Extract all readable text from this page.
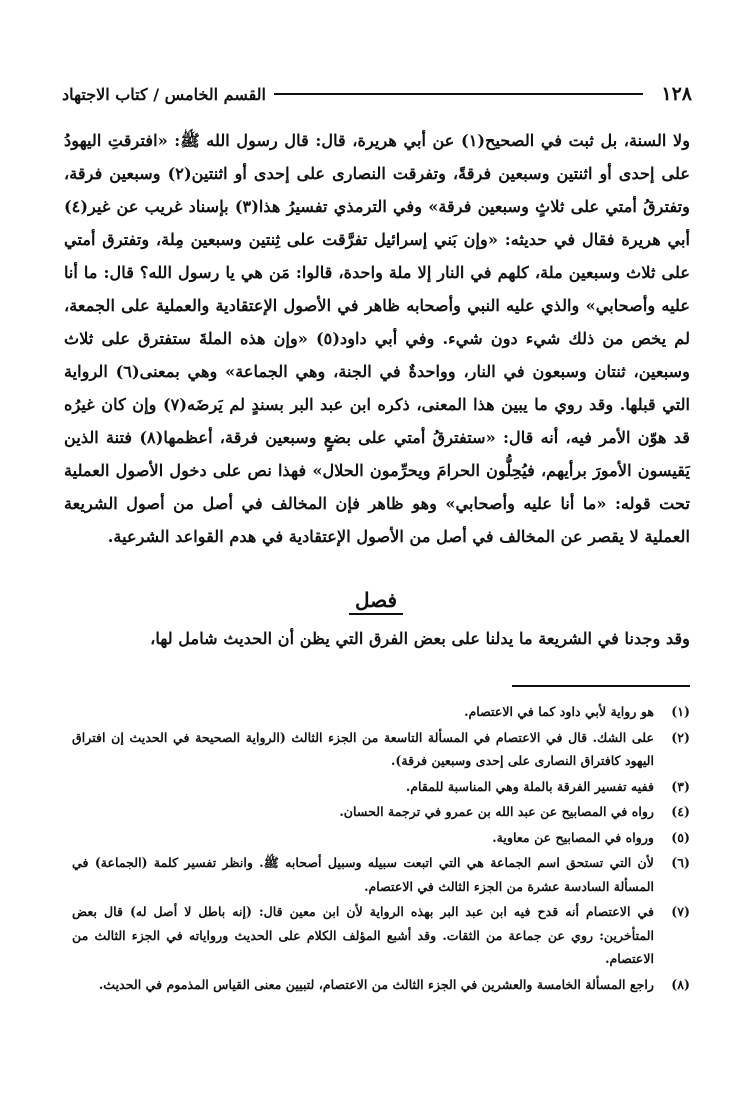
١٢٨
القسم الخامس / كتاب الاجتهاد

ولا السنة، بل ثبت في الصحيح(١) عن أبي هريرة، قال: قال رسول الله ﷺ: «افترقتِ اليهودُ على إحدى أو اثنتين وسبعين فرقةً، وتفرقت النصارى على إحدى أو اثنتين(٢) وسبعين فرقة، وتفترقُ أمتي على ثلاثٍ وسبعين فرقة» وفي الترمذي تفسيرُ هذا(٣) بإسناد غريب عن غير(٤) أبي هريرة فقال في حديثه: «وإن بَني إسرائيل تفرَّقت على ثِنتين وسبعين مِلة، وتفترق أمتي على ثلاث وسبعين ملة، كلهم في النار إلا ملة واحدة، قالوا: مَن هي يا رسول الله؟ قال: ما أنا عليه وأصحابي» والذي عليه النبي وأصحابه ظاهر في الأصول الإعتقادية والعملية على الجمعة، لم يخص من ذلك شيء دون شيء. وفي أبي داود(٥) «وإن هذه الملةَ ستفترق على ثلاث وسبعين، ثنتان وسبعون في النار، وواحدةٌ في الجنة، وهي الجماعة» وهي بمعنى(٦) الرواية التي قبلها. وقد روي ما يبين هذا المعنى، ذكره ابن عبد البر بسندٍ لم يَرضَه(٧) وإن كان غيرُه قد هوّن الأمر فيه، أنه قال: «ستفترقُ أمتي على بضعٍ وسبعين فرقة، أعظمها(٨) فتنة الذين يَقيسون الأمورَ برأيهم، فيُحِلُّون الحرامَ ويحرِّمون الحلال» فهذا نص على دخول الأصول العملية تحت قوله: «ما أنا عليه وأصحابي» وهو ظاهر فإن المخالف في أصل من أصول الشريعة العملية لا يقصر عن المخالف في أصل من الأصول الإعتقادية في هدم القواعد الشرعية.

فصل
وقد وجدنا في الشريعة ما يدلنا على بعض الفرق التي يظن أن الحديث شامل لها،
(١)
هو رواية لأبي داود كما في الاعتصام.
(٢)
على الشك. قال في الاعتصام في المسألة التاسعة من الجزء الثالث (الرواية الصحيحة في الحديث إن افتراق اليهود كافتراق النصارى على إحدى وسبعين فرقة).
(٣)
ففيه تفسير الفرقة بالملة وهي المناسبة للمقام.
(٤)
رواه في المصابيح عن عبد الله بن عمرو في ترجمة الحسان.
(٥)
ورواه في المصابيح عن معاوية.
(٦)
لأن التي تستحق اسم الجماعة هي التي اتبعت سبيله وسبيل أصحابه ﷺ. وانظر تفسير كلمة (الجماعة) في المسألة السادسة عشرة من الجزء الثالث في الاعتصام.
(٧)
في الاعتصام أنه قدح فيه ابن عبد البر بهذه الرواية لأن ابن معين قال: (إنه باطل لا أصل له) قال بعض المتأخرين: روي عن جماعة من الثقات. وقد أشبع المؤلف الكلام على الحديث ورواياته في الجزء الثالث من الاعتصام.
(٨)
راجع المسألة الخامسة والعشرين في الجزء الثالث من الاعتصام، لتبيين معنى القياس المذموم في الحديث.
